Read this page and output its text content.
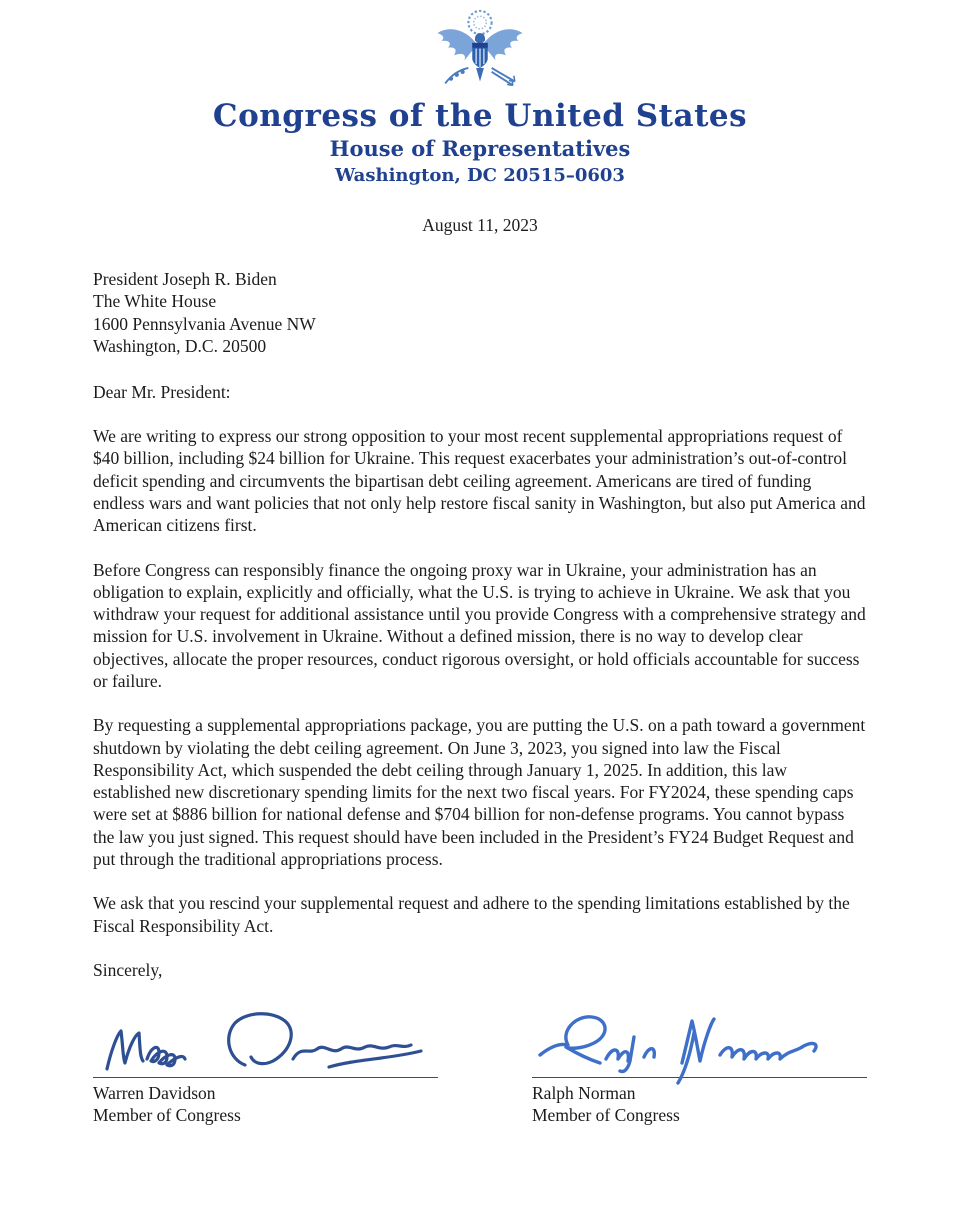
Congress of the United States
House of Representatives
Washington, DC 20515–0603
August 11, 2023
President Joseph R. Biden
The White House
1600 Pennsylvania Avenue NW
Washington, D.C. 20500
Dear Mr. President:

We are writing to express our strong opposition to your most recent supplemental appropriations request of $40 billion, including $24 billion for Ukraine. This request exacerbates your administration’s out-of-control deficit spending and circumvents the bipartisan debt ceiling agreement. Americans are tired of funding endless wars and want policies that not only help restore fiscal sanity in Washington, but also put America and American citizens first.

Before Congress can responsibly finance the ongoing proxy war in Ukraine, your administration has an obligation to explain, explicitly and officially, what the U.S. is trying to achieve in Ukraine. We ask that you withdraw your request for additional assistance until you provide Congress with a comprehensive strategy and mission for U.S. involvement in Ukraine. Without a defined mission, there is no way to develop clear objectives, allocate the proper resources, conduct rigorous oversight, or hold officials accountable for success or failure.

By requesting a supplemental appropriations package, you are putting the U.S. on a path toward a government shutdown by violating the debt ceiling agreement. On June 3, 2023, you signed into law the Fiscal Responsibility Act, which suspended the debt ceiling through January 1, 2025. In addition, this law established new discretionary spending limits for the next two fiscal years. For FY2024, these spending caps were set at $886 billion for national defense and $704 billion for non-defense programs. You cannot bypass the law you just signed. This request should have been included in the President’s FY24 Budget Request and put through the traditional appropriations process.

We ask that you rescind your supplemental request and adhere to the spending limitations established by the Fiscal Responsibility Act.

Sincerely,
Warren Davidson
Member of Congress
Ralph Norman
Member of Congress
